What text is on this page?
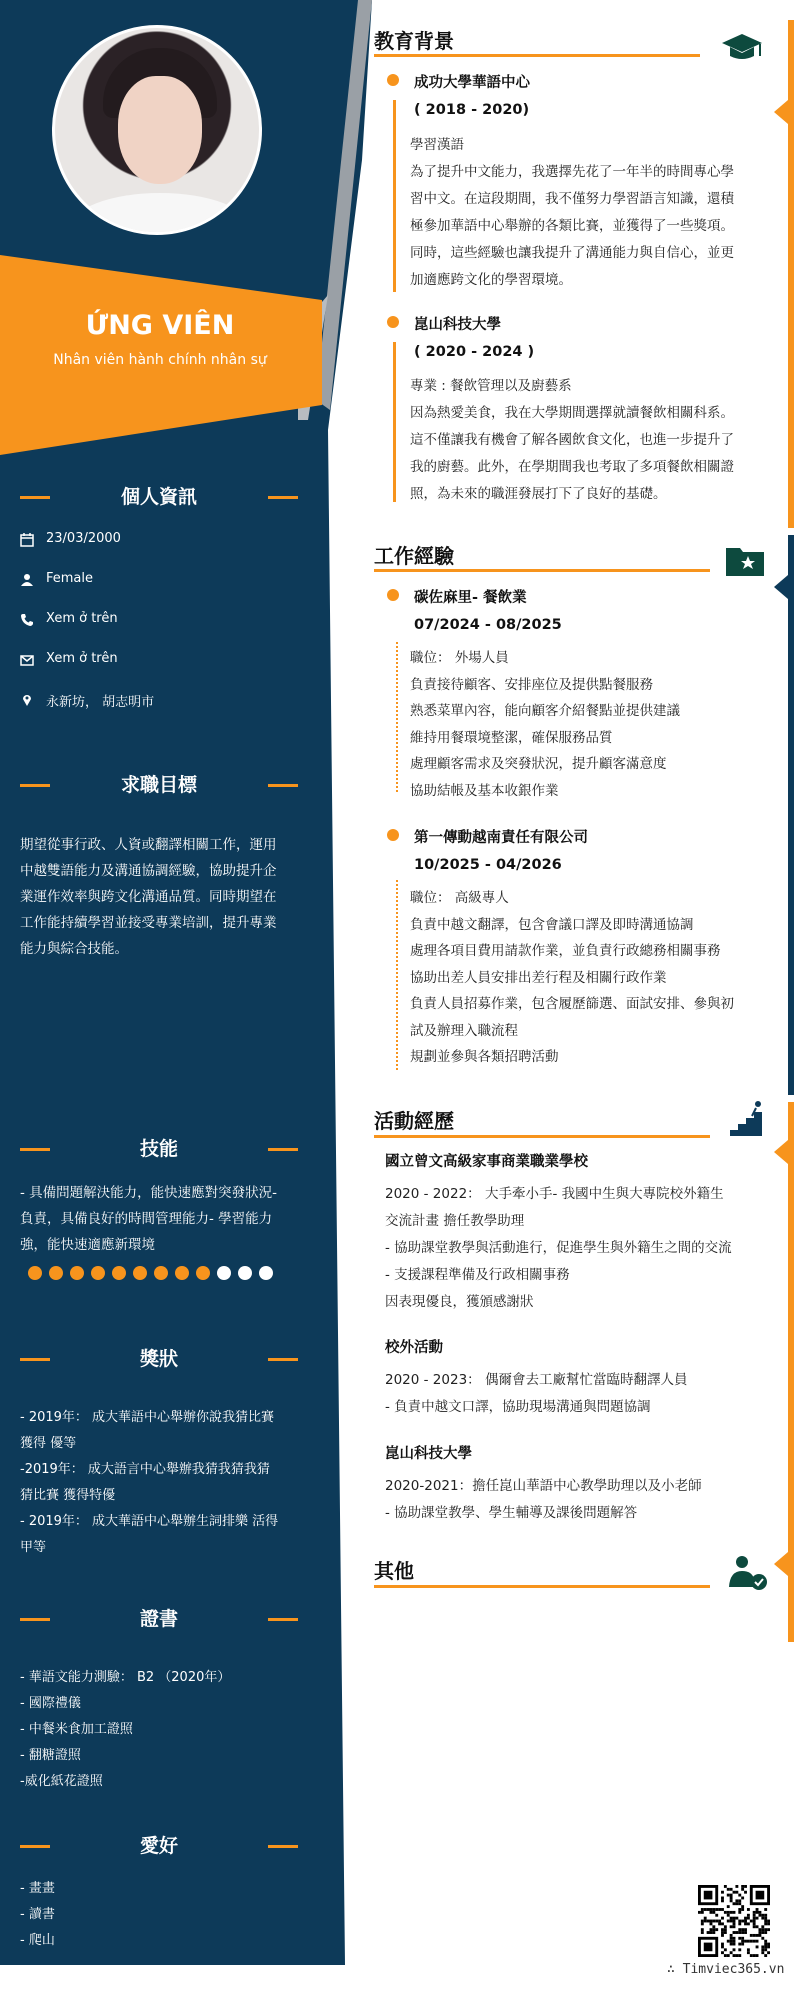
ỨNG VIÊN
Nhân viên hành chính nhân sự
個人資訊
23/03/2000
Female
Xem ở trên
Xem ở trên
永新坊， 胡志明市
求職目標
期望從事行政、人資或翻譯相關工作，運用
中越雙語能力及溝通協調經驗，協助提升企
業運作效率與跨文化溝通品質。同時期望在
工作能持續學習並接受專業培訓，提升專業
能力與綜合技能。
技能
- 具備問題解決能力，能快速應對突發狀況-
負責，具備良好的時間管理能力- 學習能力
強，能快速適應新環境
獎狀
- 2019年： 成大華語中心舉辦你說我猜比賽
獲得 優等
-2019年： 成大語言中心舉辦我猜我猜我猜
猜比賽 獲得特優
- 2019年： 成大華語中心舉辦生詞排樂 活得
甲等
證書
- 華語文能力測驗： B2 （2020年）
- 國際禮儀
- 中餐米食加工證照
- 翻糖證照
-威化紙花證照
愛好
- 畫畫
- 讀書
- 爬山
教育背景
成功大學華語中心
( 2018 - 2020)
學習漢語
為了提升中文能力，我選擇先花了一年半的時間專心學
習中文。在這段期間，我不僅努力學習語言知識，還積
極參加華語中心舉辦的各類比賽，並獲得了一些獎項。
同時，這些經驗也讓我提升了溝通能力與自信心，並更
加適應跨文化的學習環境。
崑山科技大學
( 2020 - 2024 )
專業 : 餐飲管理以及廚藝系
因為熱愛美食，我在大學期間選擇就讀餐飲相關科系。
這不僅讓我有機會了解各國飲食文化，也進一步提升了
我的廚藝。此外，在學期間我也考取了多項餐飲相關證
照，為未來的職涯發展打下了良好的基礎。
工作經驗
碳佐麻里- 餐飲業
07/2024 - 08/2025
職位： 外場人員
負責接待顧客、安排座位及提供點餐服務
熟悉菜單內容，能向顧客介紹餐點並提供建議
維持用餐環境整潔，確保服務品質
處理顧客需求及突發狀況，提升顧客滿意度
協助結帳及基本收銀作業
第一傳動越南責任有限公司
10/2025 - 04/2026
職位： 高級專人
負責中越文翻譯，包含會議口譯及即時溝通協調
處理各項目費用請款作業，並負責行政總務相關事務
協助出差人員安排出差行程及相關行政作業
負責人員招募作業，包含履歷篩選、面試安排、參與初
試及辦理入職流程
規劃並參與各類招聘活動
活動經歷
國立曾文高級家事商業職業學校
2020 - 2022： 大手牽小手- 我國中生與大專院校外籍生
交流計畫 擔任教學助理
- 協助課堂教學與活動進行，促進學生與外籍生之間的交流
- 支援課程準備及行政相關事務
因表現優良，獲頒感謝狀
校外活動
2020 - 2023： 偶爾會去工廠幫忙當臨時翻譯人員
- 負責中越文口譯，協助現場溝通與問題協調
崑山科技大學
2020-2021：擔任崑山華語中心教學助理以及小老師
- 協助課堂教學、學生輔導及課後問題解答
其他
∴ Timviec365.vn
